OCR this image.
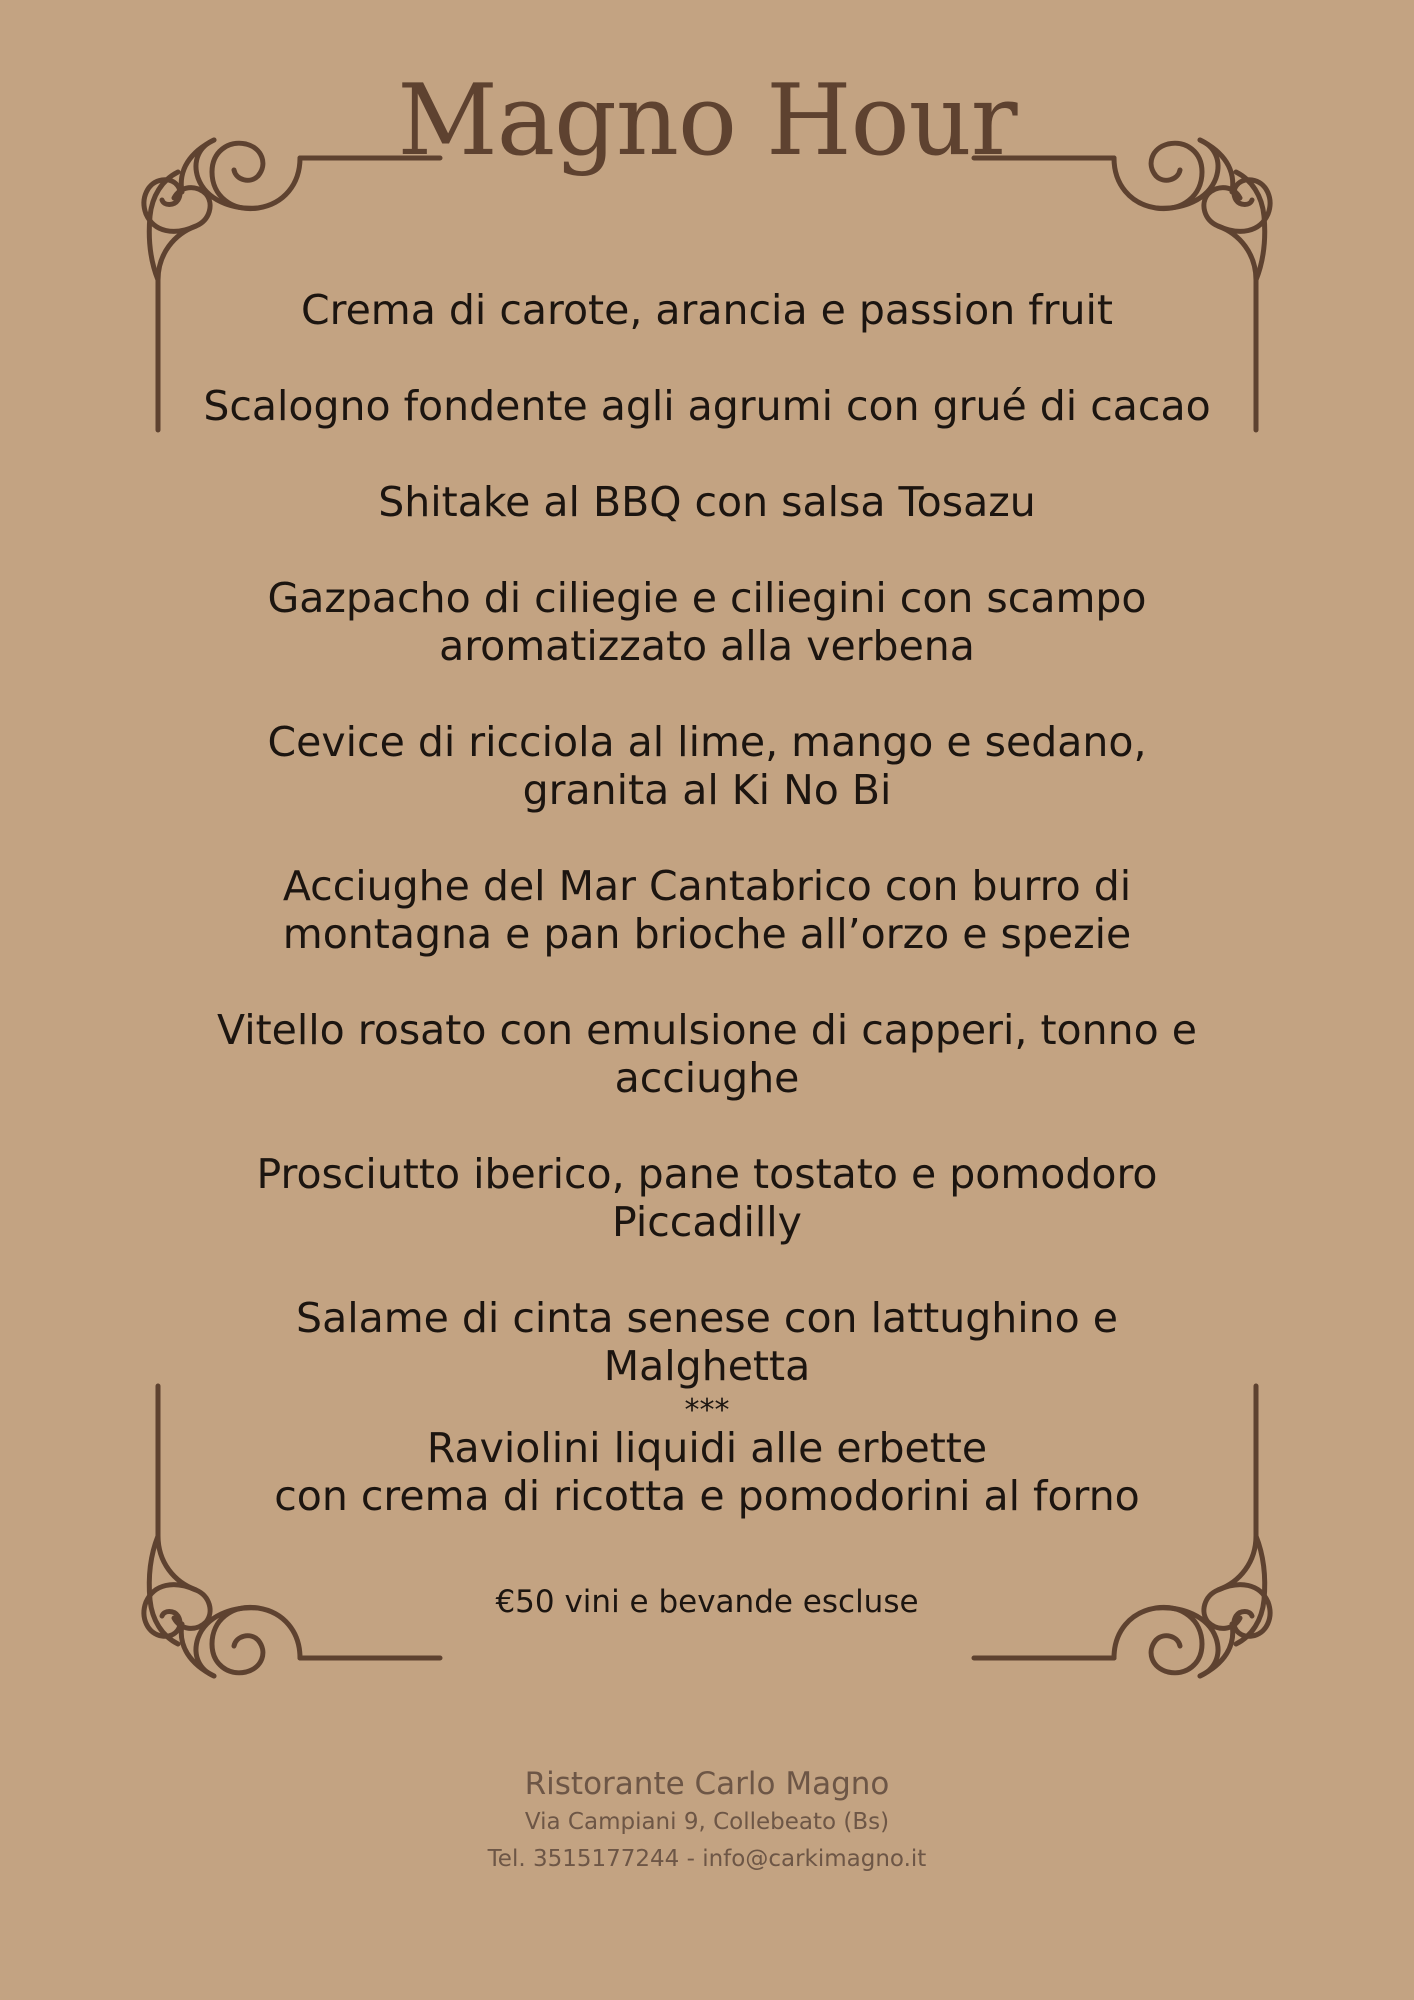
Magno Hour
Crema di carote, arancia e passion fruit
Scalogno fondente agli agrumi con grué di cacao
Shitake al BBQ con salsa Tosazu
Gazpacho di ciliegie e ciliegini con scampo aromatizzato alla verbena
Cevice di ricciola al lime, mango e sedano, granita al Ki No Bi
Acciughe del Mar Cantabrico con burro di montagna e pan brioche all’orzo e spezie
Vitello rosato con emulsione di capperi, tonno e acciughe
Prosciutto iberico, pane tostato e pomodoro Piccadilly
Salame di cinta senese con lattughino e Malghetta
***
Raviolini liquidi alle erbette
con crema di ricotta e pomodorini al forno
€50 vini e bevande escluse
Ristorante Carlo Magno
Via Campiani 9, Collebeato (Bs)
Tel. 3515177244 - info@carkimagno.it
